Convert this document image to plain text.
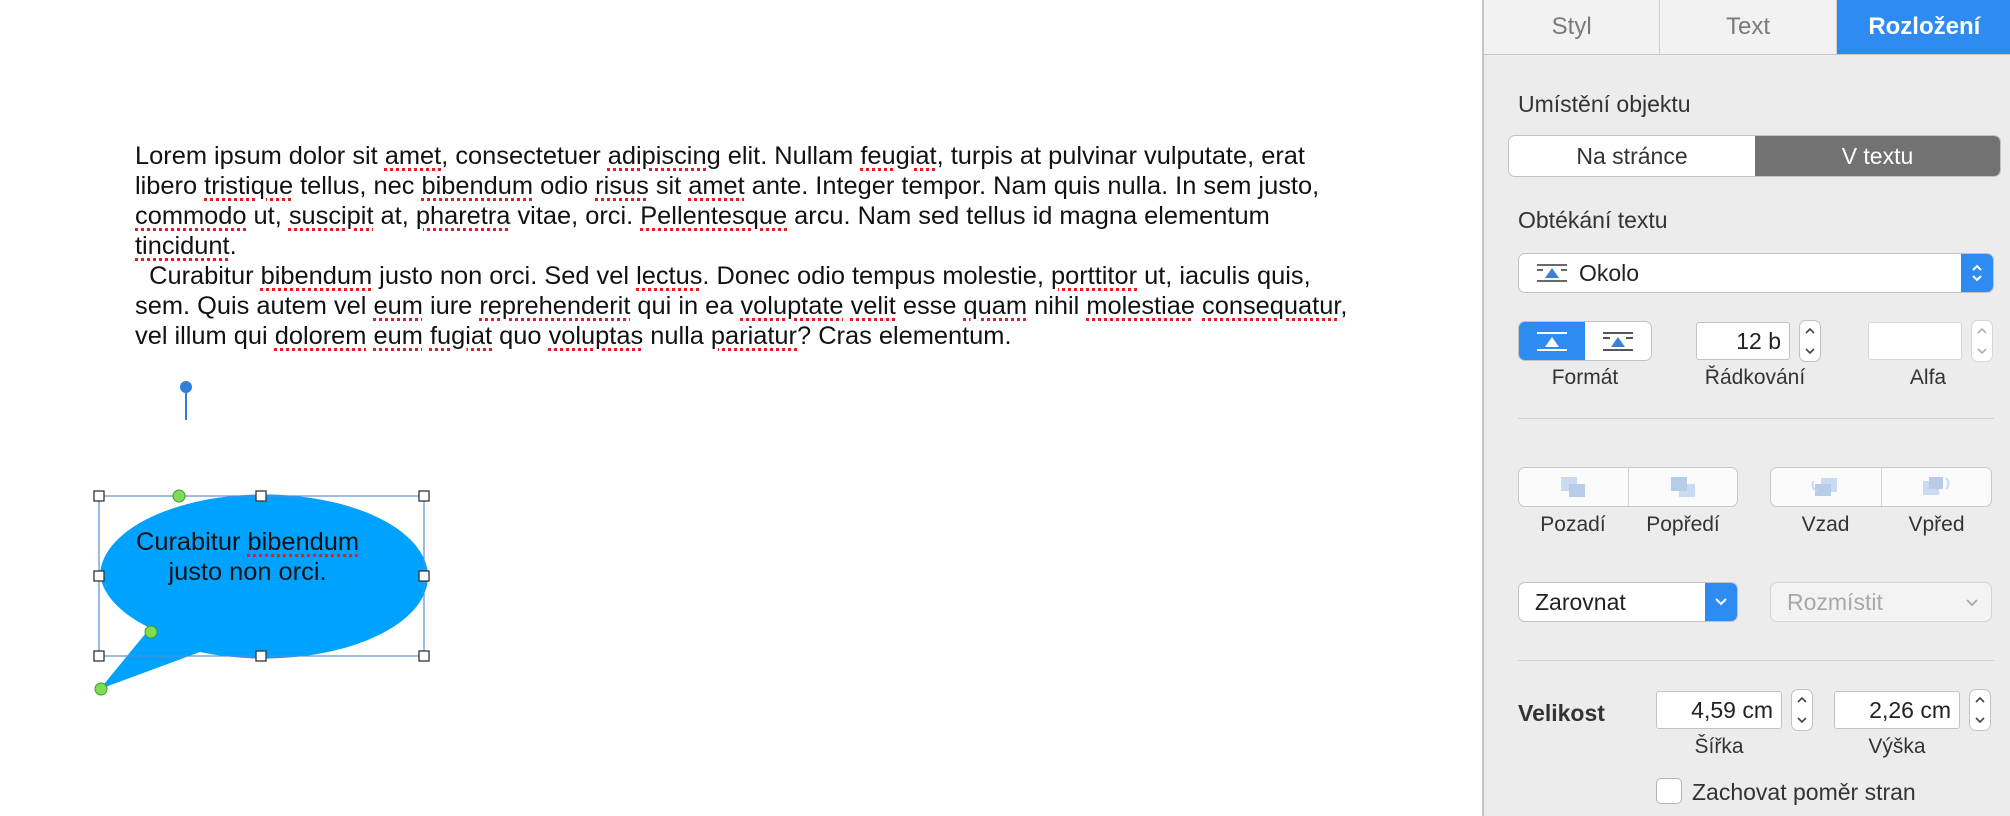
Lorem ipsum dolor sit amet, consectetuer adipiscing elit. Nullam feugiat, turpis at pulvinar vulputate, erat libero tristique tellus, nec bibendum odio risus sit amet ante. Integer tempor. Nam quis nulla. In sem justo, commodo ut, suscipit at, pharetra vitae, orci. Pellentesque arcu. Nam sed tellus id magna elementum tincidunt.
Curabitur bibendum justo non orci. Sed vel lectus. Donec odio tempus molestie, porttitor ut, iaculis quis, sem. Quis autem vel eum iure reprehenderit qui in ea voluptate velit esse quam nihil molestiae consequatur, vel illum qui dolorem eum fugiat quo voluptas nulla pariatur? Cras elementum.
Curabitur bibendum justo non orci.
Styl	Text	Rozložení
Umístění objektu
Na stránce	V textu
Obtékání textu
Okolo
Formát
12 b
Řádkování	Alfa
Pozadí	Popředí	Vzad	Vpřed
Zarovnat	Rozmístit
Velikost	4,59 cm
Šířka
2,26 cm
Výška
Zachovat poměr stran
